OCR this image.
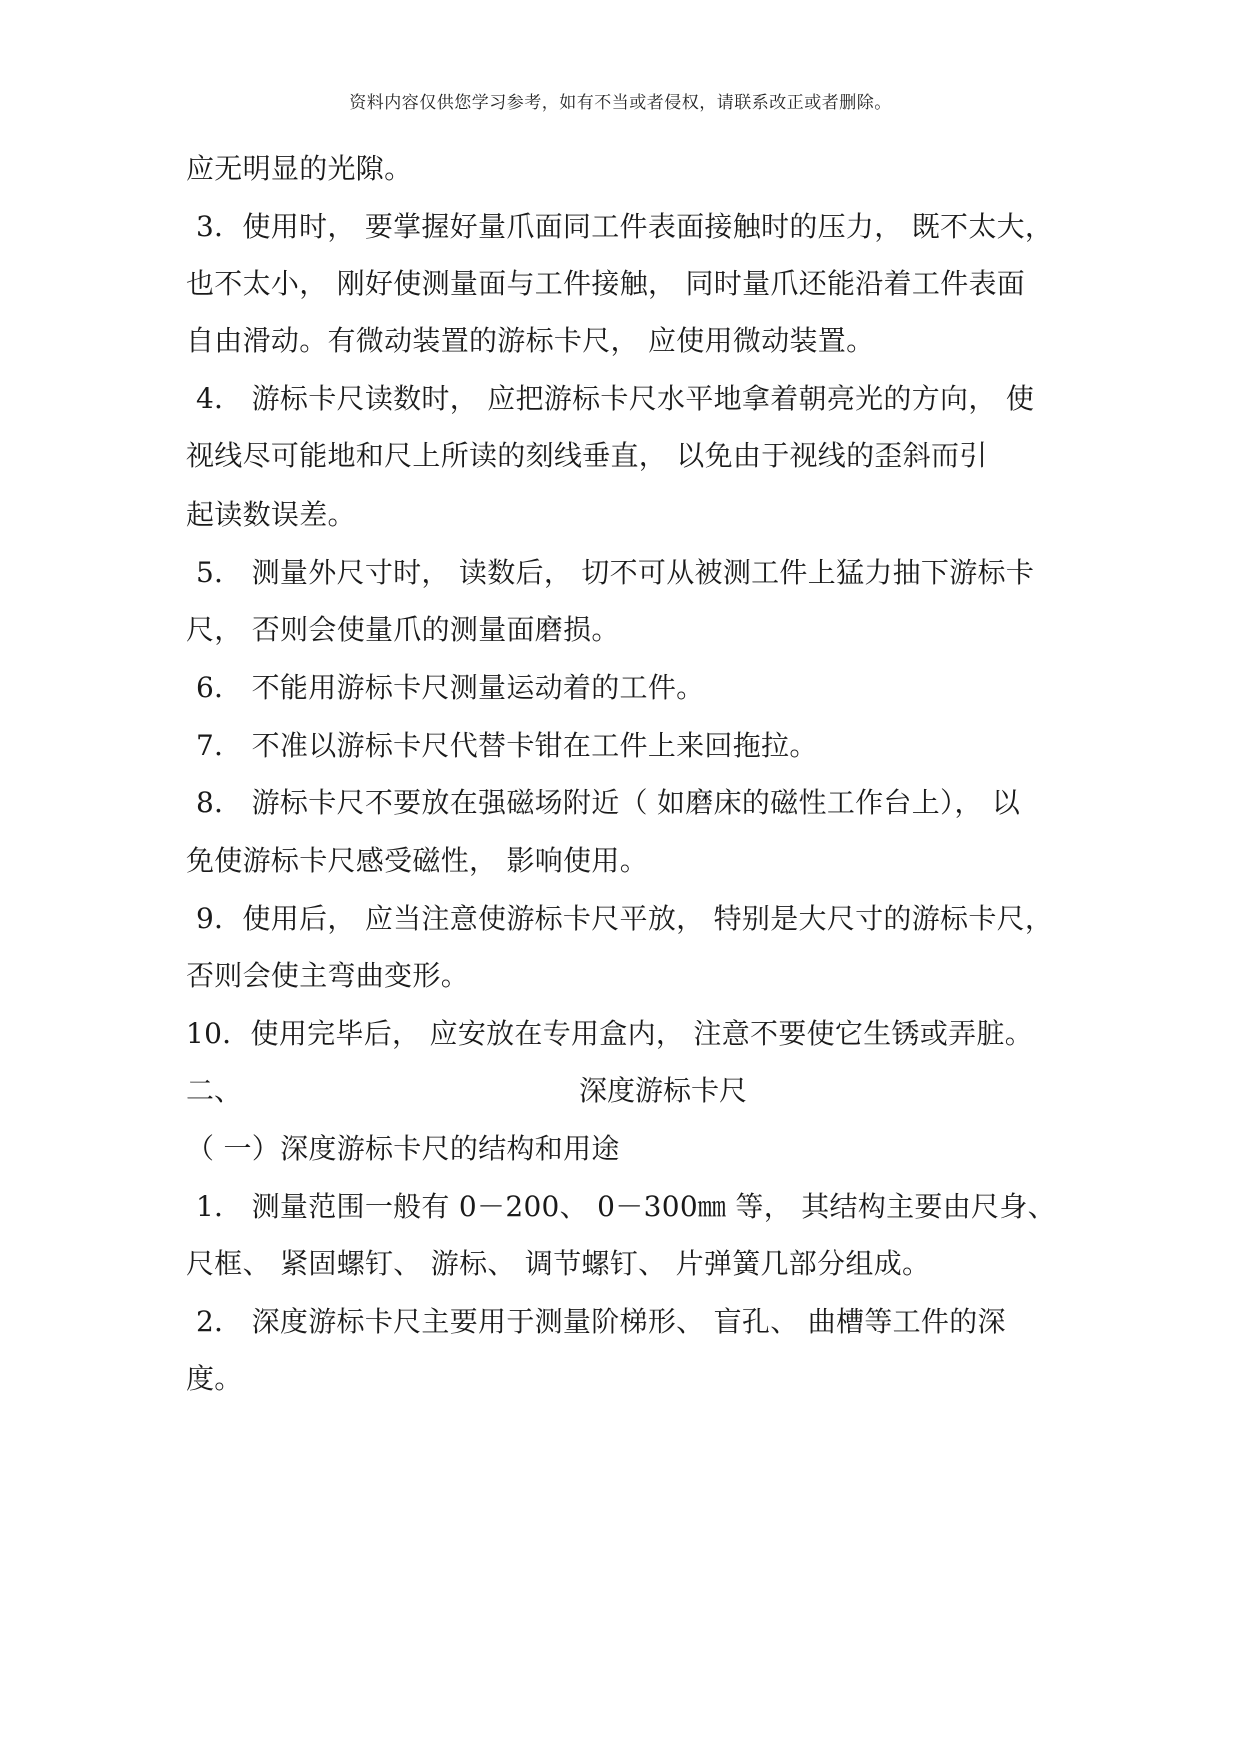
资料内容仅供您学习参考，如有不当或者侵权，请联系改正或者删除。
应无明显的光隙。
3．使用时， 要掌握好量爪面同工件表面接触时的压力， 既不太大，
也不太小， 刚好使测量面与工件接触， 同时量爪还能沿着工件表面
自由滑动。有微动装置的游标卡尺， 应使用微动装置。
4． 游标卡尺读数时， 应把游标卡尺水平地拿着朝亮光的方向， 使
视线尽可能地和尺上所读的刻线垂直， 以免由于视线的歪斜而引
起读数误差。
5． 测量外尺寸时， 读数后， 切不可从被测工件上猛力抽下游标卡
尺， 否则会使量爪的测量面磨损。
6． 不能用游标卡尺测量运动着的工件。
7． 不准以游标卡尺代替卡钳在工件上来回拖拉。
8． 游标卡尺不要放在强磁场附近（ 如磨床的磁性工作台上）， 以
免使游标卡尺感受磁性， 影响使用。
9．使用后， 应当注意使游标卡尺平放， 特别是大尺寸的游标卡尺，
否则会使主弯曲变形。
10．使用完毕后， 应安放在专用盒内， 注意不要使它生锈或弄脏。
二、	深度游标卡尺
（ 一）深度游标卡尺的结构和用途
1． 测量范围一般有 0－200、 0－300㎜ 等， 其结构主要由尺身、
尺框、 紧固螺钉、 游标、 调节螺钉、 片弹簧几部分组成。
2． 深度游标卡尺主要用于测量阶梯形、 盲孔、 曲槽等工件的深
度。
